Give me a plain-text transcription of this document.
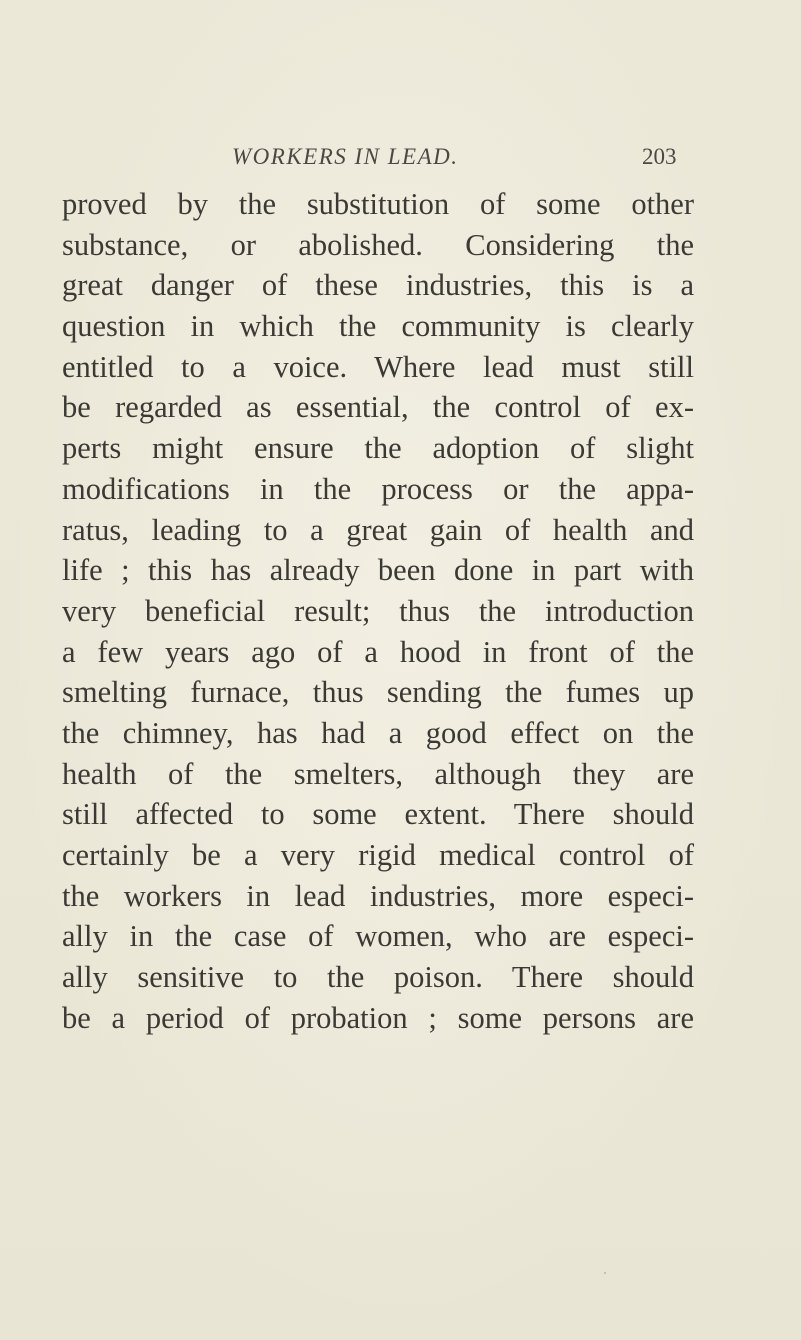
WORKERS IN LEAD.	203
proved by the substitution of some other
substance, or abolished. Considering the
great danger of these industries, this is a
question in which the community is clearly
entitled to a voice. Where lead must still
be regarded as essential, the control of ex-
perts might ensure the adoption of slight
modifications in the process or the appa-
ratus, leading to a great gain of health and
life ; this has already been done in part with
very beneficial result; thus the introduction
a few years ago of a hood in front of the
smelting furnace, thus sending the fumes up
the chimney, has had a good effect on the
health of the smelters, although they are
still affected to some extent. There should
certainly be a very rigid medical control of
the workers in lead industries, more especi-
ally in the case of women, who are especi-
ally sensitive to the poison. There should
be a period of probation ; some persons are
